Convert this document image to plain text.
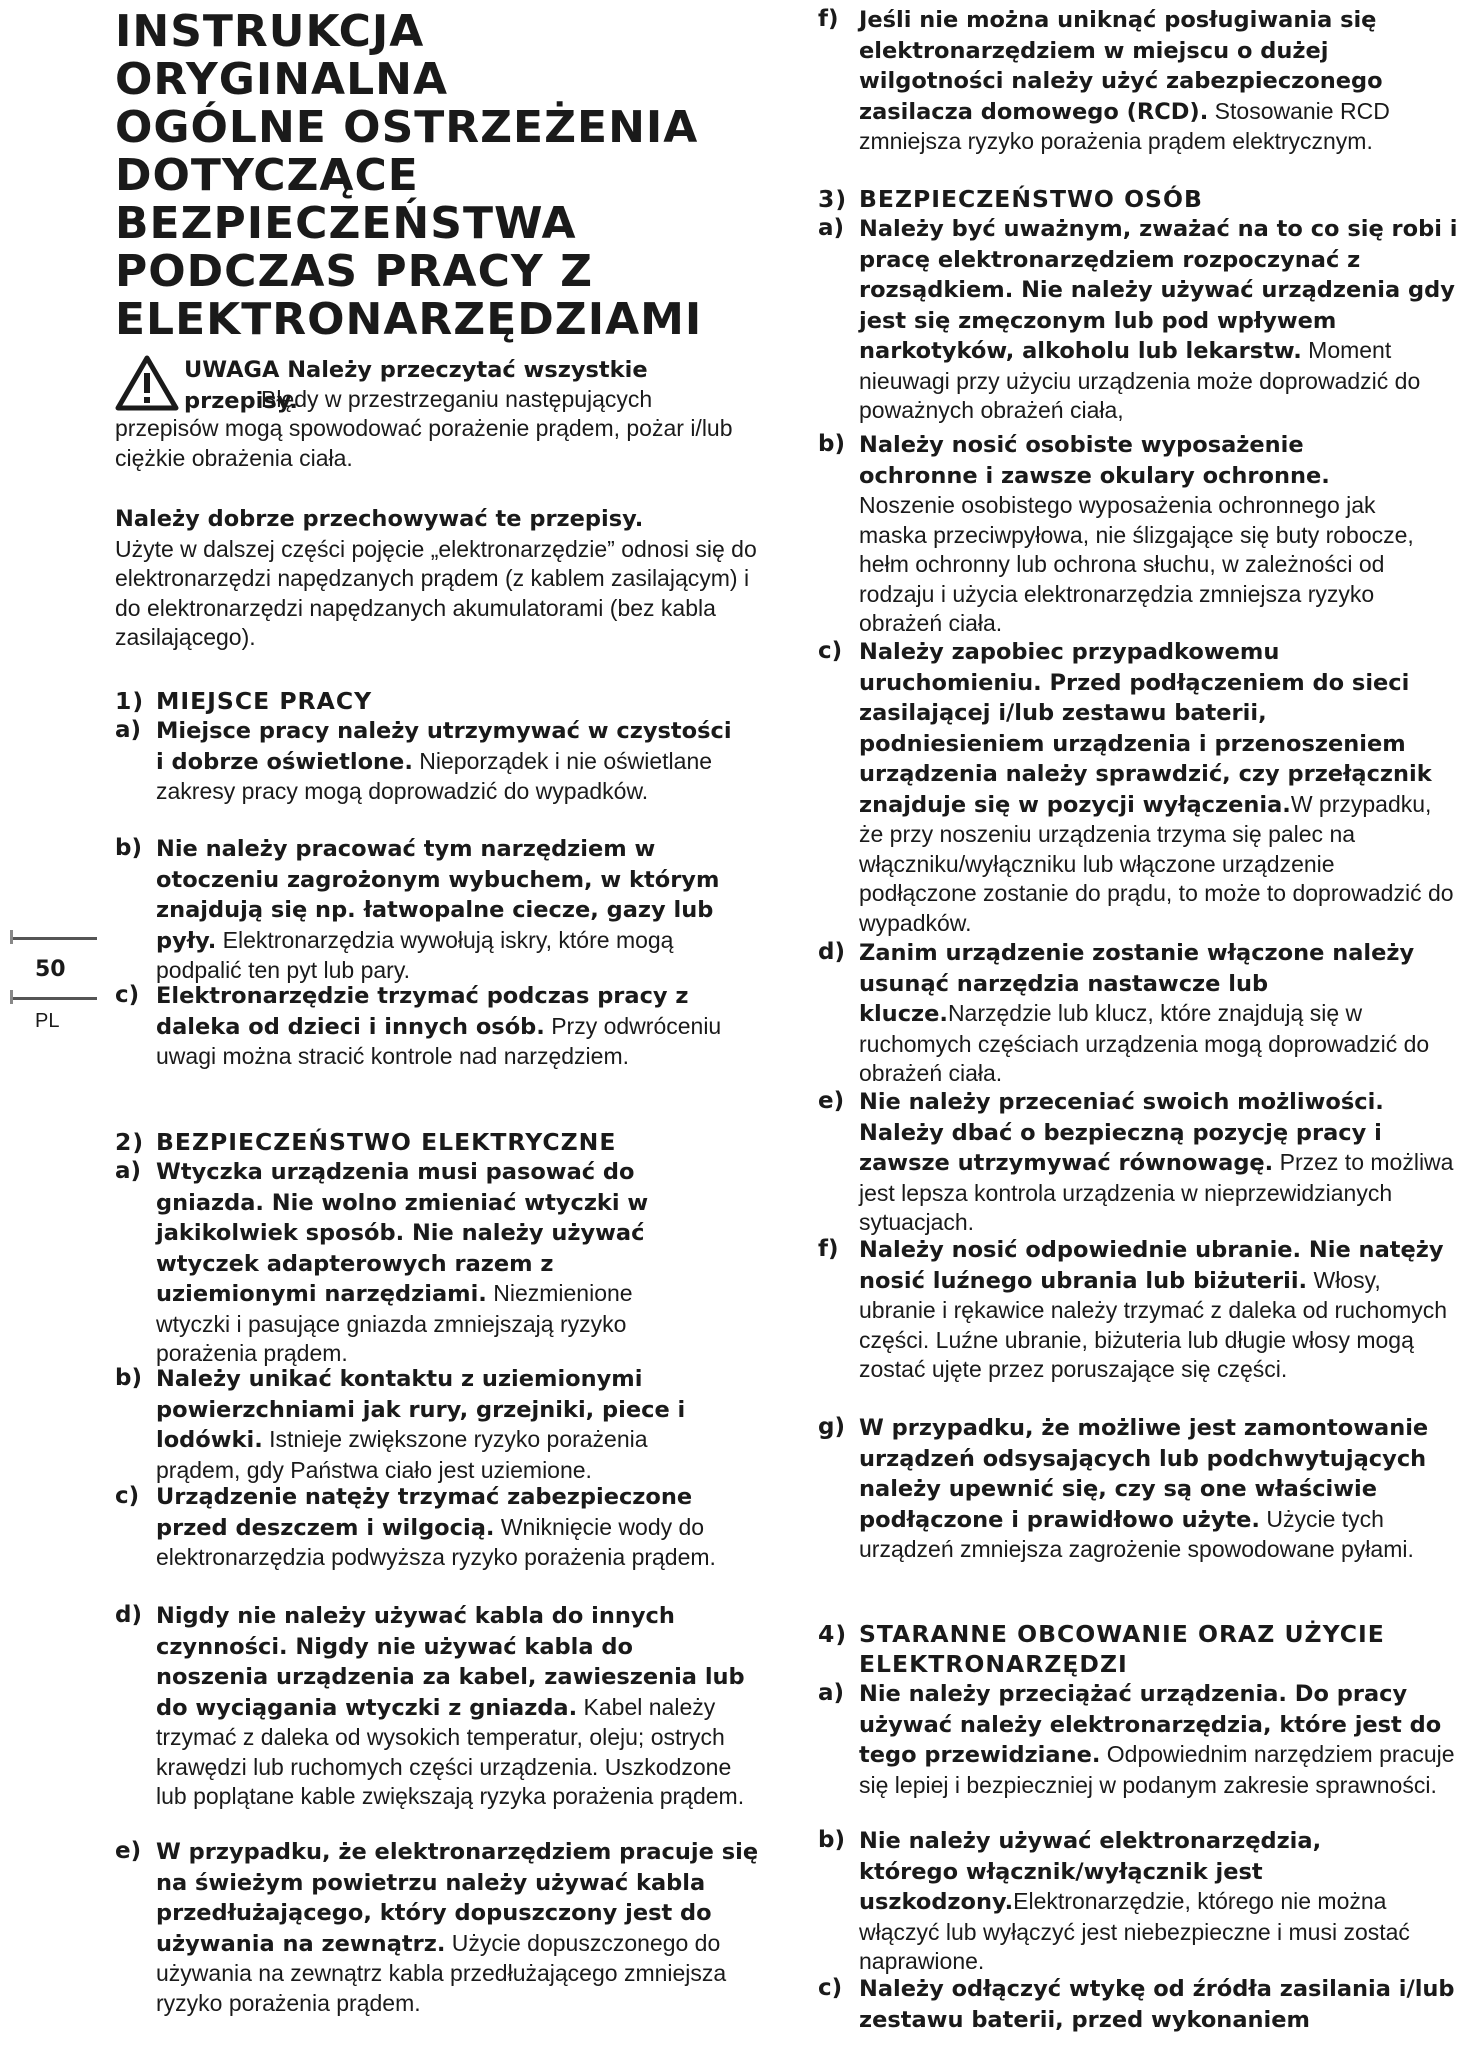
INSTRUKCJA
ORYGINALNA
OGÓLNE OSTRZEŻENIA
DOTYCZĄCE
BEZPIECZEŃSTWA
PODCZAS PRACY Z
ELEKTRONARZĘDZIAMI
UWAGA Należy przeczytać wszystkie przepisy.
Błędy w przestrzeganiu następujących przepisów mogą spowodować porażenie prądem, pożar i/lub ciężkie obrażenia ciała.
Należy dobrze przechowywać te przepisy.
Użyte w dalszej części pojęcie „elektronarzędzie” odnosi się do elektronarzędzi napędzanych prądem (z kablem zasilającym) i do elektronarzędzi napędzanych akumulatorami (bez kabla zasilającego).
1) MIEJSCE PRACY
a) Miejsce pracy należy utrzymywać w czystości i dobrze oświetlone. Nieporządek i nie oświetlane zakresy pracy mogą doprowadzić do wypadków.
b) Nie należy pracować tym narzędziem w otoczeniu zagrożonym wybuchem, w którym znajdują się np. łatwopalne ciecze, gazy lub pyły. Elektronarzędzia wywołują iskry, które mogą podpalić ten pyt lub pary.
c) Elektronarzędzie trzymać podczas pracy z daleka od dzieci i innych osób. Przy odwróceniu uwagi można stracić kontrole nad narzędziem.
2) BEZPIECZEŃSTWO ELEKTRYCZNE
a) Wtyczka urządzenia musi pasować do gniazda. Nie wolno zmieniać wtyczki w jakikolwiek sposób. Nie należy używać wtyczek adapterowych razem z uziemionymi narzędziami. Niezmienione wtyczki i pasujące gniazda zmniejszają ryzyko porażenia prądem.
b) Należy unikać kontaktu z uziemionymi powierzchniami jak rury, grzejniki, piece i lodówki. Istnieje zwiększone ryzyko porażenia prądem, gdy Państwa ciało jest uziemione.
c) Urządzenie natęży trzymać zabezpieczone przed deszczem i wilgocią. Wniknięcie wody do elektronarzędzia podwyższa ryzyko porażenia prądem.
d) Nigdy nie należy używać kabla do innych czynności. Nigdy nie używać kabla do noszenia urządzenia za kabel, zawieszenia lub do wyciągania wtyczki z gniazda. Kabel należy trzymać z daleka od wysokich temperatur, oleju; ostrych krawędzi lub ruchomych części urządzenia. Uszkodzone lub poplątane kable zwiększają ryzyka porażenia prądem.
e) W przypadku, że elektronarzędziem pracuje się na świeżym powietrzu należy używać kabla przedłużającego, który dopuszczony jest do używania na zewnątrz. Użycie dopuszczonego do używania na zewnątrz kabla przedłużającego zmniejsza ryzyko porażenia prądem.
f) Jeśli nie można uniknąć posługiwania się elektronarzędziem w miejscu o dużej wilgotności należy użyć zabezpieczonego zasilacza domowego (RCD). Stosowanie RCD zmniejsza ryzyko porażenia prądem elektrycznym.
3) BEZPIECZEŃSTWO OSÓB
a) Należy być uważnym, zważać na to co się robi i pracę elektronarzędziem rozpoczynać z rozsądkiem. Nie należy używać urządzenia gdy jest się zmęczonym lub pod wpływem narkotyków, alkoholu lub lekarstw. Moment nieuwagi przy użyciu urządzenia może doprowadzić do poważnych obrażeń ciała,
b) Należy nosić osobiste wyposażenie ochronne i zawsze okulary ochronne. Noszenie osobistego wyposażenia ochronnego jak maska przeciwpyłowa, nie ślizgające się buty robocze, hełm ochronny lub ochrona słuchu, w zależności od rodzaju i użycia elektronarzędzia zmniejsza ryzyko obrażeń ciała.
c) Należy zapobiec przypadkowemu uruchomieniu. Przed podłączeniem do sieci zasilającej i/lub zestawu baterii, podniesieniem urządzenia i przenoszeniem urządzenia należy sprawdzić, czy przełącznik znajduje się w pozycji wyłączenia.W przypadku, że przy noszeniu urządzenia trzyma się palec na włączniku/wyłączniku lub włączone urządzenie podłączone zostanie do prądu, to może to doprowadzić do wypadków.
d) Zanim urządzenie zostanie włączone należy usunąć narzędzia nastawcze lub klucze.Narzędzie lub klucz, które znajdują się w ruchomych częściach urządzenia mogą doprowadzić do obrażeń ciała.
e) Nie należy przeceniać swoich możliwości. Należy dbać o bezpieczną pozycję pracy i zawsze utrzymywać równowagę. Przez to możliwa jest lepsza kontrola urządzenia w nieprzewidzianych sytuacjach.
f) Należy nosić odpowiednie ubranie. Nie natęży nosić luźnego ubrania lub biżuterii. Włosy, ubranie i rękawice należy trzymać z daleka od ruchomych części. Luźne ubranie, biżuteria lub długie włosy mogą zostać ujęte przez poruszające się części.
g) W przypadku, że możliwe jest zamontowanie urządzeń odsysających lub podchwytujących należy upewnić się, czy są one właściwie podłączone i prawidłowo użyte. Użycie tych urządzeń zmniejsza zagrożenie spowodowane pyłami.
4) STARANNE OBCOWANIE ORAZ UŻYCIE ELEKTRONARZĘDZI
a) Nie należy przeciążać urządzenia. Do pracy używać należy elektronarzędzia, które jest do tego przewidziane. Odpowiednim narzędziem pracuje się lepiej i bezpieczniej w podanym zakresie sprawności.
b) Nie należy używać elektronarzędzia, którego włącznik/wyłącznik jest uszkodzony.Elektronarzędzie, którego nie można włączyć lub wyłączyć jest niebezpieczne i musi zostać naprawione.
c) Należy odłączyć wtykę od źródła zasilania i/lub zestawu baterii, przed wykonaniem
50
PL
